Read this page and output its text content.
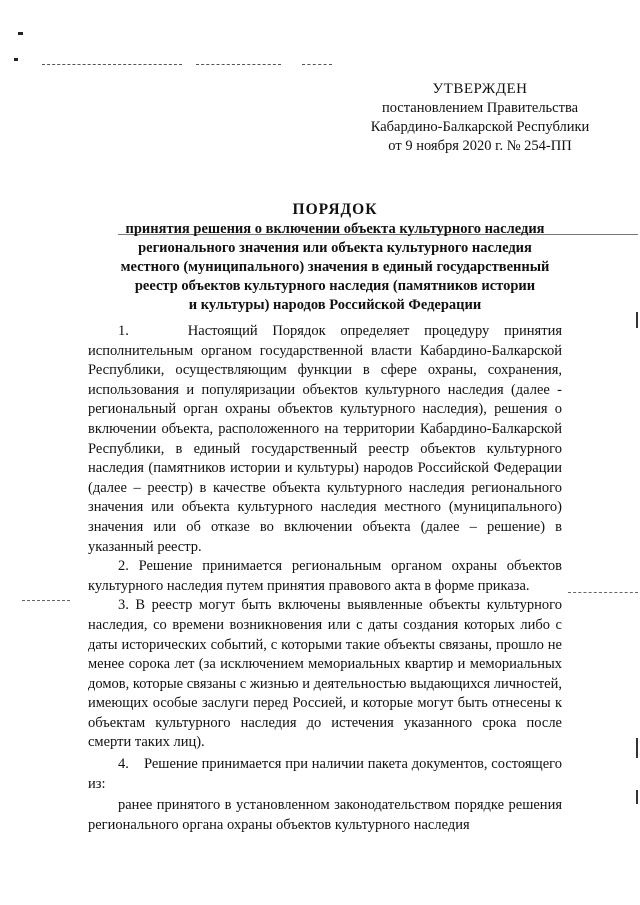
УТВЕРЖДЕН
постановлением Правительства
Кабардино-Балкарской Республики
от 9 ноября 2020 г. № 254-ПП
ПОРЯДОК
принятия решения о включении объекта культурного наследия
регионального значения или объекта культурного наследия
местного (муниципального) значения в единый государственный
реестр объектов культурного наследия (памятников истории
и культуры) народов Российской Федерации

1.    Настоящий Порядок определяет процедуру принятия исполнительным органом государственной власти Кабардино-Балкарской Республики, осуществляющим функции в сфере охраны, сохранения, использования и популяризации объектов культурного наследия (далее - региональный орган охраны объектов культурного наследия), решения о включении объекта, расположенного на территории Кабардино-Балкарской Республики, в единый государственный реестр объектов культурного наследия (памятников истории и культуры) народов Российской Федерации (далее – реестр) в качестве объекта культурного наследия регионального значения или объекта культурного наследия местного (муниципального) значения или об отказе во включении объекта (далее – решение) в указанный реестр.

2. Решение принимается региональным органом охраны объектов культурного наследия путем принятия правового акта в форме приказа.

3. В реестр могут быть включены выявленные объекты культурного наследия, со времени возникновения или с даты создания которых либо с даты исторических событий, с которыми такие объекты связаны, прошло не менее сорока лет (за исключением мемориальных квартир и мемориальных домов, которые связаны с жизнью и деятельностью выдающихся личностей, имеющих особые заслуги перед Россией, и которые могут быть отнесены к объектам культурного наследия до истечения указанного срока после смерти таких лиц).

4.    Решение принимается при наличии пакета документов, состоящего из:

ранее принятого в установленном законодательством порядке решения регионального органа охраны объектов культурного наследия
